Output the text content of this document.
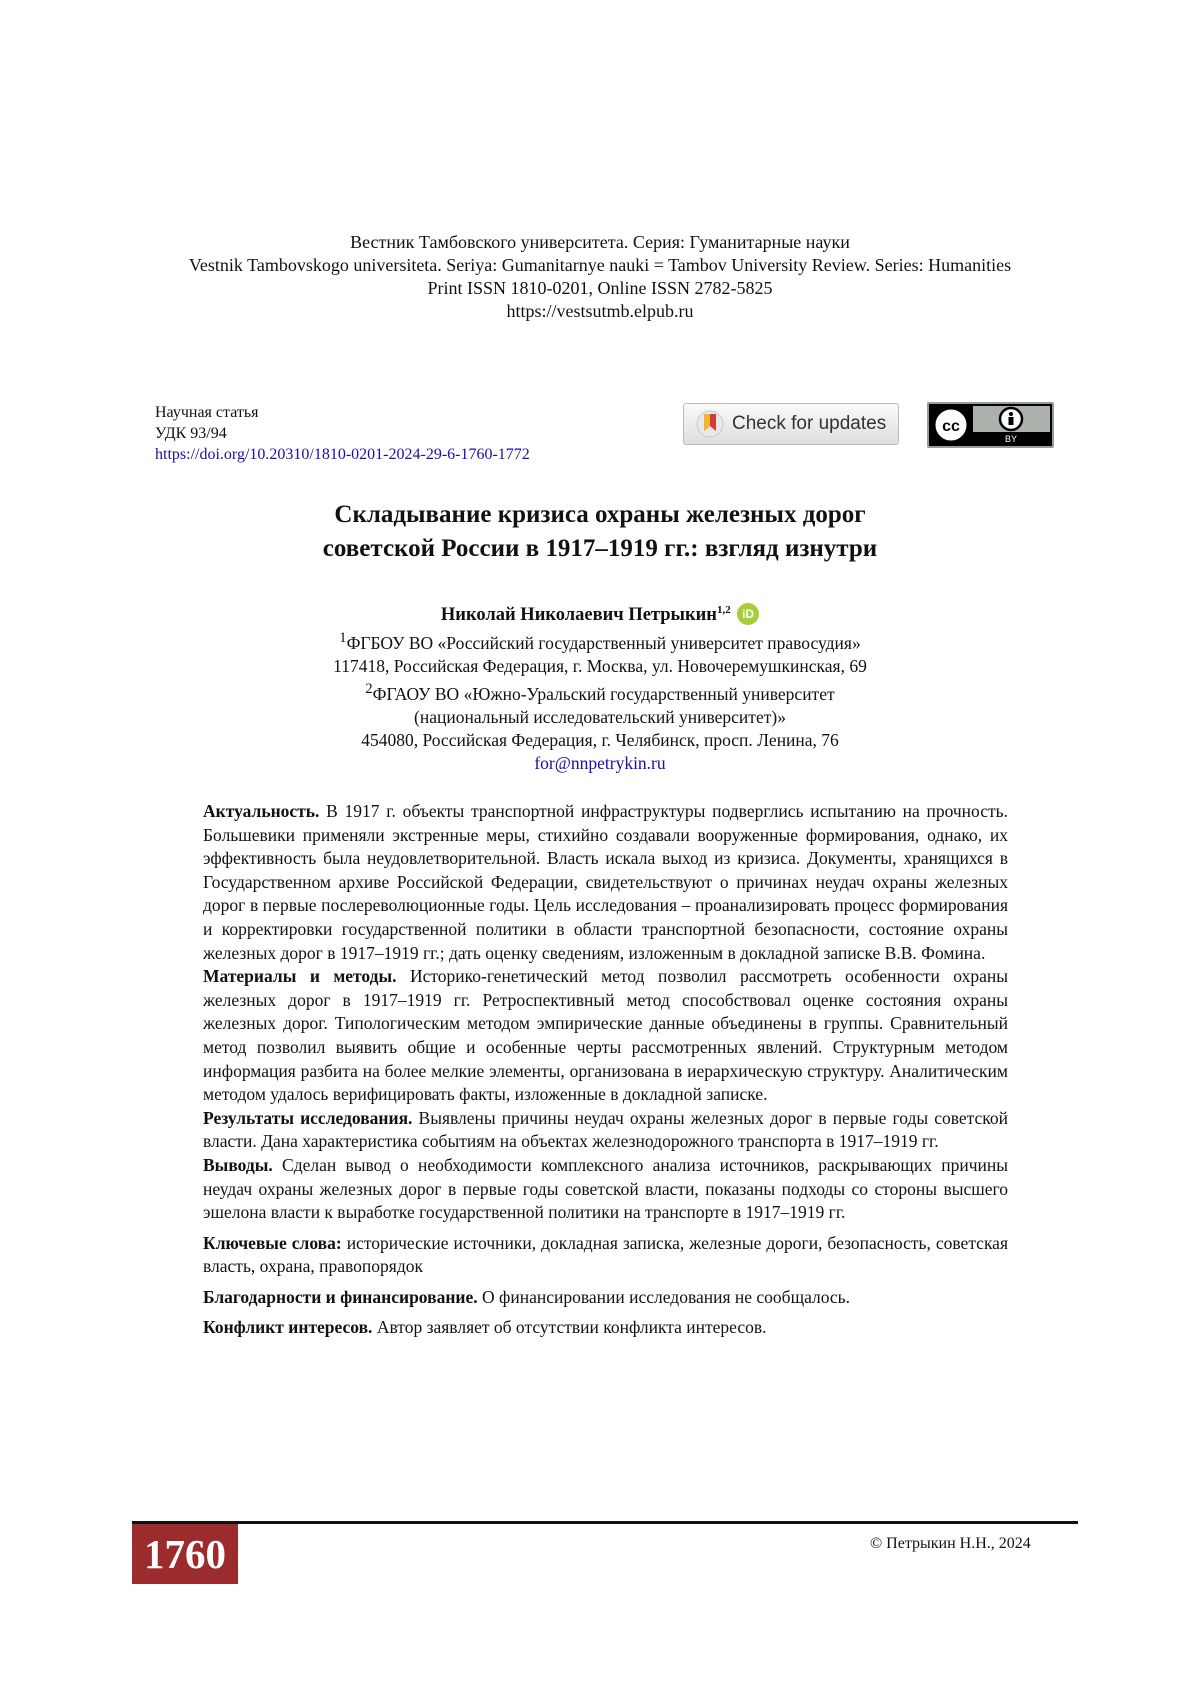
Вестник Тамбовского университета. Серия: Гуманитарные науки
Vestnik Tambovskogo universiteta. Seriya: Gumanitarnye nauki = Tambov University Review. Series: Humanities
Print ISSN 1810-0201, Online ISSN 2782-5825
https://vestsutmb.elpub.ru
Научная статья
УДК 93/94
https://doi.org/10.20310/1810-0201-2024-29-6-1760-1772
Check for updates	cc
BY
Складывание кризиса охраны железных дорог
советской России в 1917–1919 гг.: взгляд изнутри
Николай Николаевич Петрыкин$^{1,2}$ iD
$^1$ФГБОУ ВО «Российский государственный университет правосудия»
117418, Российская Федерация, г. Москва, ул. Новочеремушкинская, 69
$^2$ФГАОУ ВО «Южно-Уральский государственный университет
(национальный исследовательский университет)»
454080, Российская Федерация, г. Челябинск, просп. Ленина, 76
for@nnpetrykin.ru

Актуальность. В 1917 г. объекты транспортной инфраструктуры подверглись испытанию на прочность. Большевики применяли экстренные меры, стихийно создавали вооруженные формирования, однако, их эффективность была неудовлетворительной. Власть искала выход из кризиса. Документы, хранящихся в Государственном архиве Российской Федерации, свидетельствуют о причинах неудач охраны железных дорог в первые послереволюционные годы. Цель исследования – проанализировать процесс формирования и корректировки государственной политики в области транспортной безопасности, состояние охраны железных дорог в 1917–1919 гг.; дать оценку сведениям, изложенным в докладной записке В.В. Фомина.

Материалы и методы. Историко-генетический метод позволил рассмотреть особенности охраны железных дорог в 1917–1919 гг. Ретроспективный метод способствовал оценке состояния охраны железных дорог. Типологическим методом эмпирические данные объединены в группы. Сравнительный метод позволил выявить общие и особенные черты рассмотренных явлений. Структурным методом информация разбита на более мелкие элементы, организована в иерархическую структуру. Аналитическим методом удалось верифицировать факты, изложенные в докладной записке.

Результаты исследования. Выявлены причины неудач охраны железных дорог в первые годы советской власти. Дана характеристика событиям на объектах железнодорожного транспорта в 1917–1919 гг.

Выводы. Сделан вывод о необходимости комплексного анализа источников, раскрывающих причины неудач охраны железных дорог в первые годы советской власти, показаны подходы со стороны высшего эшелона власти к выработке государственной политики на транспорте в 1917–1919 гг.

Ключевые слова: исторические источники, докладная записка, железные дороги, безопасность, советская власть, охрана, правопорядок

Благодарности и финансирование. О финансировании исследования не сообщалось.

Конфликт интересов. Автор заявляет об отсутствии конфликта интересов.

1760	© Петрыкин Н.Н., 2024
